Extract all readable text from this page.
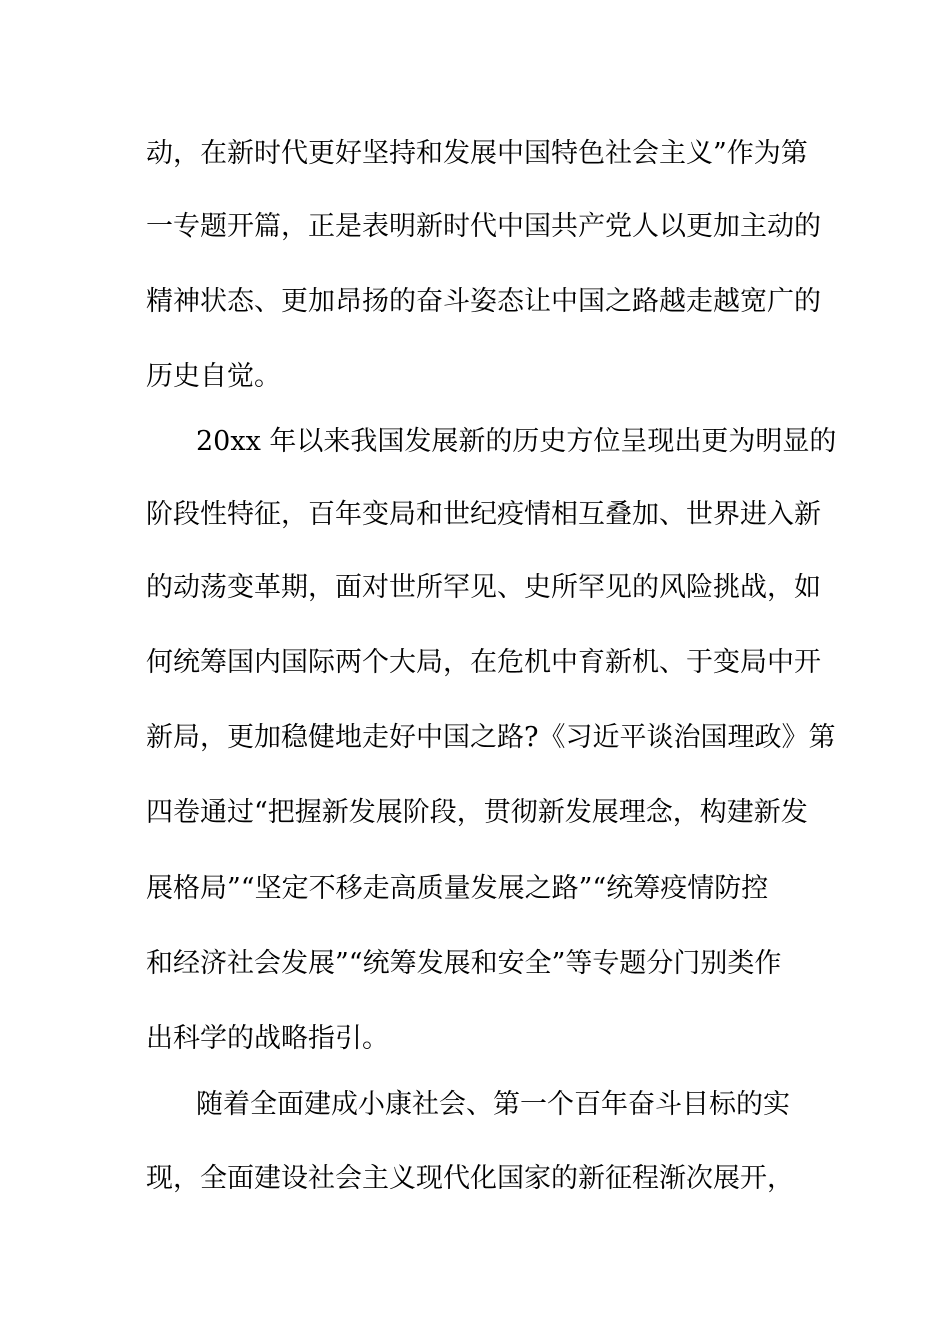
动，在新时代更好坚持和发展中国特色社会主义”作为第
一专题开篇，正是表明新时代中国共产党人以更加主动的
精神状态、更加昂扬的奋斗姿态让中国之路越走越宽广的
历史自觉。
20xx 年以来我国发展新的历史方位呈现出更为明显的
阶段性特征，百年变局和世纪疫情相互叠加、世界进入新
的动荡变革期，面对世所罕见、史所罕见的风险挑战，如
何统筹国内国际两个大局，在危机中育新机、于变局中开
新局，更加稳健地走好中国之路?《习近平谈治国理政》第
四卷通过“把握新发展阶段，贯彻新发展理念，构建新发
展格局”“坚定不移走高质量发展之路”“统筹疫情防控
和经济社会发展”“统筹发展和安全”等专题分门别类作
出科学的战略指引。
随着全面建成小康社会、第一个百年奋斗目标的实
现，全面建设社会主义现代化国家的新征程渐次展开，
